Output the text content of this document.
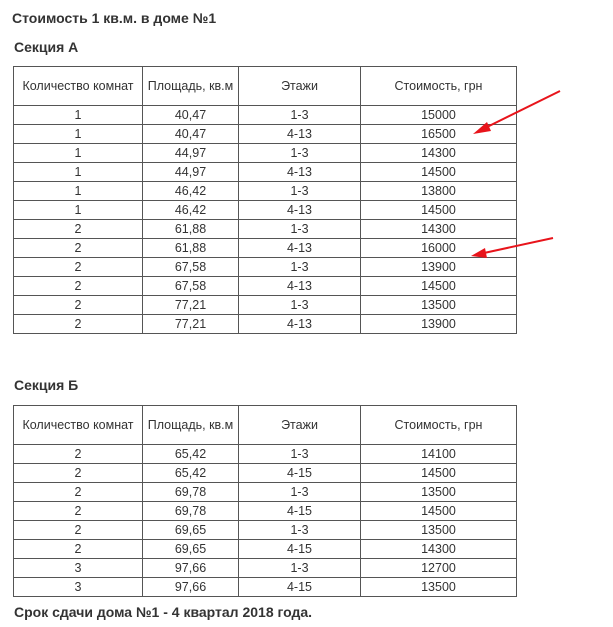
Стоимость 1 кв.м. в доме №1
Секция А
Количество комнат	Площадь, кв.м	Этажи	Стоимость, грн
1	40,47	1-3	15000
1	40,47	4-13	16500
1	44,97	1-3	14300
1	44,97	4-13	14500
1	46,42	1-3	13800
1	46,42	4-13	14500
2	61,88	1-3	14300
2	61,88	4-13	16000
2	67,58	1-3	13900
2	67,58	4-13	14500
2	77,21	1-3	13500
2	77,21	4-13	13900
Секция Б
Количество комнат	Площадь, кв.м	Этажи	Стоимость, грн
2	65,42	1-3	14100
2	65,42	4-15	14500
2	69,78	1-3	13500
2	69,78	4-15	14500
2	69,65	1-3	13500
2	69,65	4-15	14300
3	97,66	1-3	12700
3	97,66	4-15	13500
Срок сдачи дома №1 - 4 квартал 2018 года.
